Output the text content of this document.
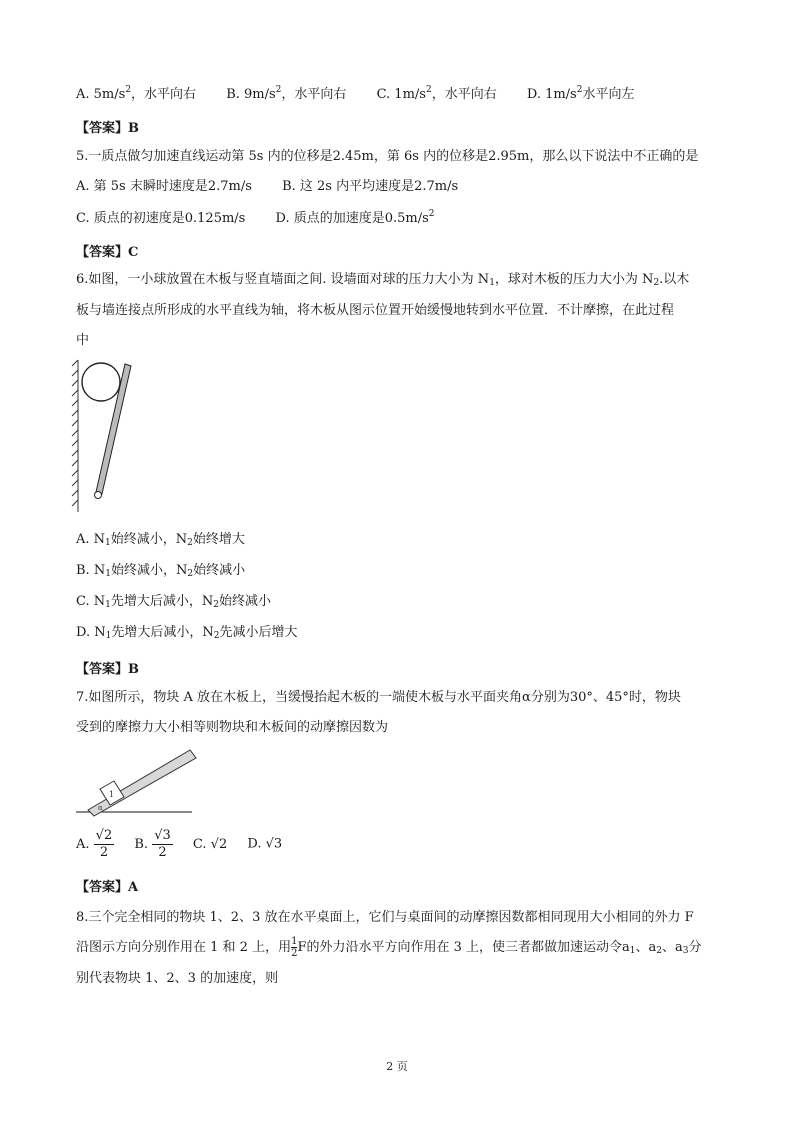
A. $5m/s^2$，水平向右 B. $9m/s^2$，水平向右 C. $1m/s^2$，水平向右 D. $1m/s^2$水平向左
【答案】B
5.一质点做匀加速直线运动第 5s 内的位移是2.45m，第 6s 内的位移是2.95m，那么以下说法中不正确的是
A. 第 5s 末瞬时速度是2.7m/s B. 这 2s 内平均速度是2.7m/s
C. 质点的初速度是0.125m/s D. 质点的加速度是$0.5m/s^2$
【答案】C
6.如图，一小球放置在木板与竖直墙面之间. 设墙面对球的压力大小为 $N_1$，球对木板的压力大小为 $N_2$.以木
板与墙连接点所形成的水平直线为轴，将木板从图示位置开始缓慢地转到水平位置．不计摩擦，在此过程
中
A. $N_1$始终减小，$N_2$始终增大
B. $N_1$始终减小，$N_2$始终减小
C. $N_1$先增大后减小，$N_2$始终减小
D. $N_1$先增大后减小，$N_2$先减小后增大
【答案】B
7.如图所示，物块 A 放在木板上，当缓慢抬起木板的一端使木板与水平面夹角α分别为30°、45°时，物块
受到的摩擦力大小相等则物块和木板间的动摩擦因数为
1
α
A. $\frac{√2}{2} B$. $\frac{√3}{2} C$. √2 D. √3
【答案】A
8.三个完全相同的物块 1、2、3 放在水平桌面上，它们与桌面间的动摩擦因数都相同现用大小相同的外力 F
沿图示方向分别作用在 1 和 2 上，用 $\frac{1}{2}F$的外力沿水平方向作用在 3 上，使三者都做加速运动令$a_1$、$a_2$、$a_3$分
别代表物块 1、2、3 的加速度，则
2 页
